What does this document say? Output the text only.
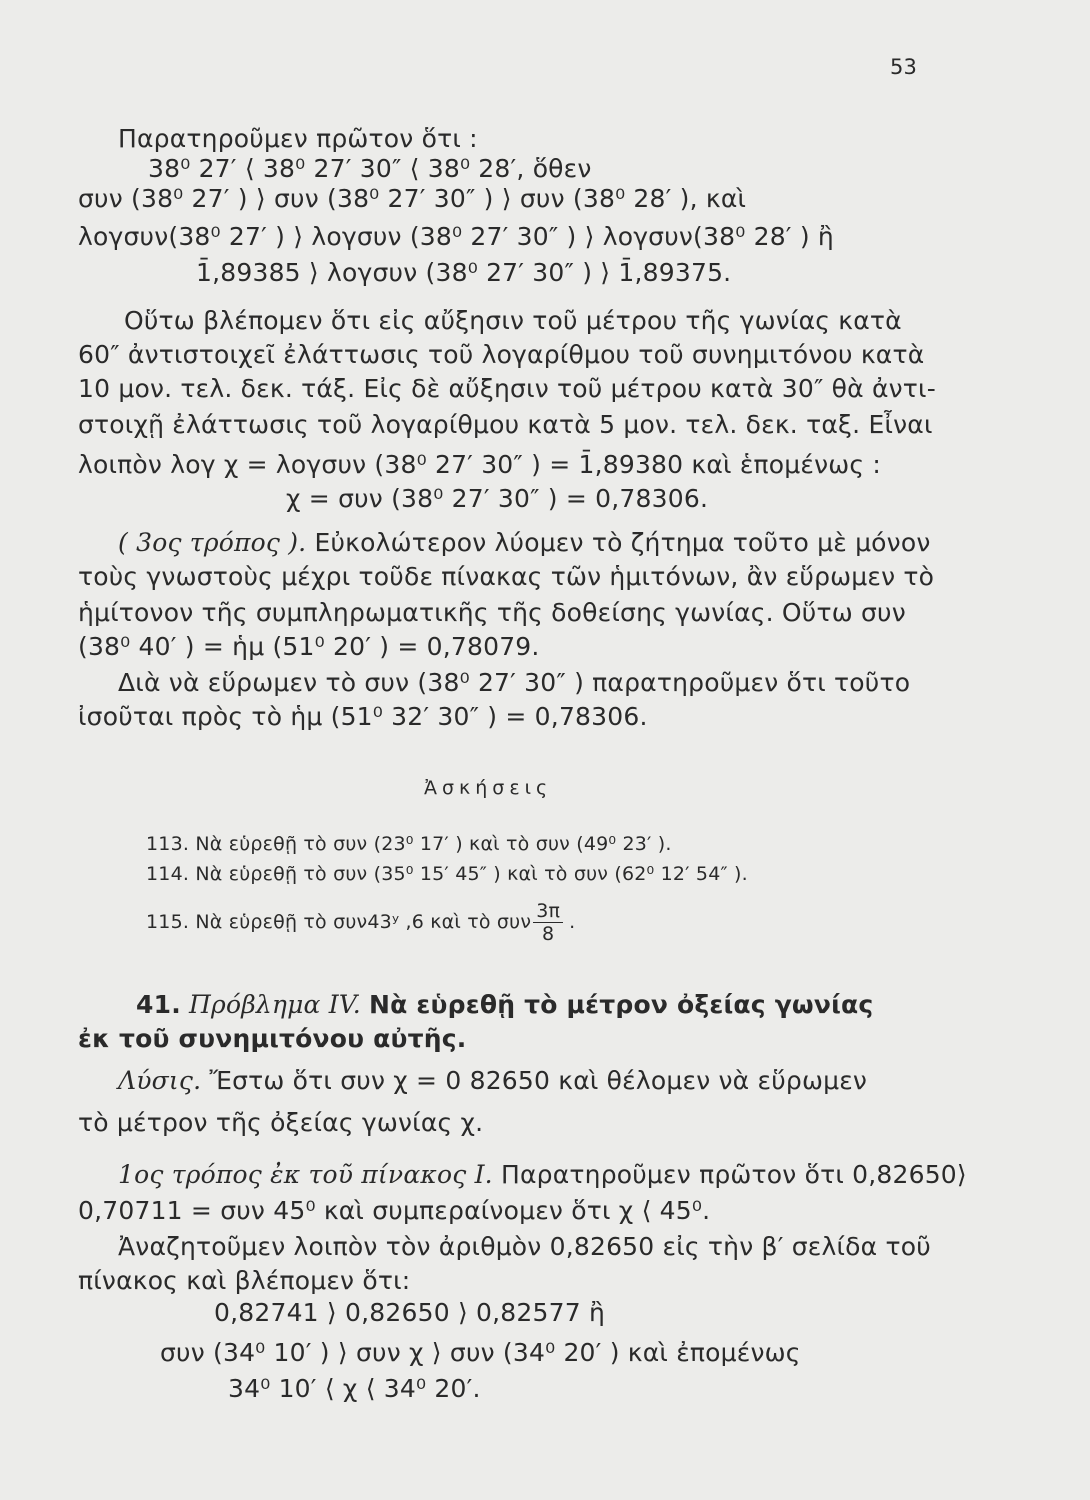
53
Παρατηροῦμεν πρῶτον ὅτι :
38⁰ 27′ ⟨ 38⁰ 27′ 30″ ⟨ 38⁰ 28′, ὅθεν
συν (38⁰ 27′ ) ⟩ συν (38⁰ 27′ 30″ ) ⟩ συν (38⁰ 28′ ), καὶ
λογσυν(38⁰ 27′ ) ⟩ λογσυν (38⁰ 27′ 30″ ) ⟩ λογσυν(38⁰ 28′ ) ἢ
1̄,89385 ⟩ λογσυν (38⁰ 27′ 30″ ) ⟩ 1̄,89375.
Οὕτω βλέπομεν ὅτι εἰς αὔξησιν τοῦ μέτρου τῆς γωνίας κατὰ
60″ ἀντιστοιχεῖ ἐλάττωσις τοῦ λογαρίθμου τοῦ συνημιτόνου κατὰ
10 μον. τελ. δεκ. τάξ. Εἰς δὲ αὔξησιν τοῦ μέτρου κατὰ 30″ θὰ ἀντι-
στοιχῇ ἐλάττωσις τοῦ λογαρίθμου κατὰ 5 μον. τελ. δεκ. ταξ. Εἶναι
λοιπὸν λογ χ = λογσυν (38⁰ 27′ 30″ ) = 1̄,89380 καὶ ἑπομένως :
χ = συν (38⁰ 27′ 30″ ) = 0,78306.
( 3ος τρόπος ). Εὐκολώτερον λύομεν τὸ ζήτημα τοῦτο μὲ μόνον
τοὺς γνωστοὺς μέχρι τοῦδε πίνακας τῶν ἡμιτόνων, ἂν εὕρωμεν τὸ
ἡμίτονον τῆς συμπληρωματικῆς τῆς δοθείσης γωνίας. Οὕτω συν
(38⁰ 40′ ) = ἡμ (51⁰ 20′ ) = 0,78079.
Διὰ νὰ εὕρωμεν τὸ συν (38⁰ 27′ 30″ ) παρατηροῦμεν ὅτι τοῦτο
ἰσοῦται πρὸς τὸ ἡμ (51⁰ 32′ 30″ ) = 0,78306.
Ἀσκήσεις
113. Νὰ εὑρεθῇ τὸ συν (23⁰ 17′ ) καὶ τὸ συν (49⁰ 23′ ).
114. Νὰ εὑρεθῇ τὸ συν (35⁰ 15′ 45″ ) καὶ τὸ συν (62⁰ 12′ 54″ ).
115. Νὰ εὑρεθῇ τὸ συν43ʸ ,6 καὶ τὸ συν $\frac{3\pi}{8}$ .
41. Πρόβλημα IV. Νὰ εὑρεθῇ τὸ μέτρον ὀξείας γωνίας
ἐκ τοῦ συνημιτόνου αὐτῆς.
Λύσις. Ἔστω ὅτι συν χ = 0 82650 καὶ θέλομεν νὰ εὕρωμεν
τὸ μέτρον τῆς ὀξείας γωνίας χ.
1ος τρόπος ἐκ τοῦ πίνακος I. Παρατηροῦμεν πρῶτον ὅτι 0,82650⟩
0,70711 = συν 45⁰ καὶ συμπεραίνομεν ὅτι χ ⟨ 45⁰.
Ἀναζητοῦμεν λοιπὸν τὸν ἀριθμὸν 0,82650 εἰς τὴν β′ σελίδα τοῦ
πίνακος καὶ βλέπομεν ὅτι:
0,82741 ⟩ 0,82650 ⟩ 0,82577 ἢ
συν (34⁰ 10′ ) ⟩ συν χ ⟩ συν (34⁰ 20′ ) καὶ ἐπομένως
34⁰ 10′ ⟨ χ ⟨ 34⁰ 20′.
